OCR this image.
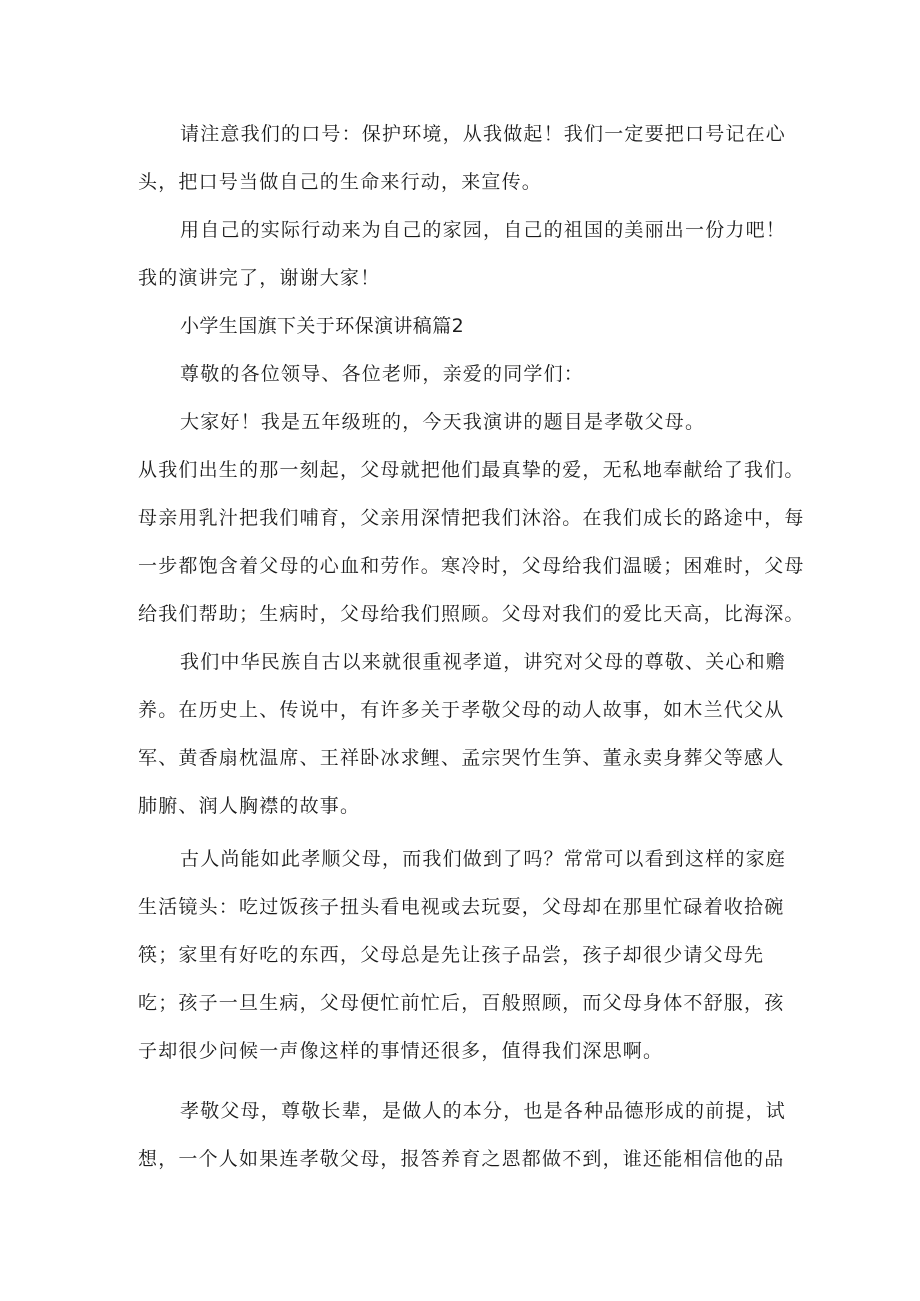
请注意我们的口号：保护环境，从我做起！我们一定要把口号记在心

头，把口号当做自己的生命来行动，来宣传。

用自己的实际行动来为自己的家园，自己的祖国的美丽出一份力吧！

我的演讲完了，谢谢大家！

小学生国旗下关于环保演讲稿篇2

尊敬的各位领导、各位老师，亲爱的同学们：

大家好！我是五年级班的，今天我演讲的题目是孝敬父母。

从我们出生的那一刻起，父母就把他们最真挚的爱，无私地奉献给了我们。

母亲用乳汁把我们哺育，父亲用深情把我们沐浴。在我们成长的路途中，每

一步都饱含着父母的心血和劳作。寒冷时，父母给我们温暖；困难时，父母

给我们帮助；生病时，父母给我们照顾。父母对我们的爱比天高，比海深。

我们中华民族自古以来就很重视孝道，讲究对父母的尊敬、关心和赡

养。在历史上、传说中，有许多关于孝敬父母的动人故事，如木兰代父从

军、黄香扇枕温席、王祥卧冰求鲤、孟宗哭竹生笋、董永卖身葬父等感人

肺腑、润人胸襟的故事。

古人尚能如此孝顺父母，而我们做到了吗？常常可以看到这样的家庭

生活镜头：吃过饭孩子扭头看电视或去玩耍，父母却在那里忙碌着收拾碗

筷；家里有好吃的东西，父母总是先让孩子品尝，孩子却很少请父母先

吃；孩子一旦生病，父母便忙前忙后，百般照顾，而父母身体不舒服，孩

子却很少问候一声像这样的事情还很多，值得我们深思啊。

孝敬父母，尊敬长辈，是做人的本分，也是各种品德形成的前提，试

想，一个人如果连孝敬父母，报答养育之恩都做不到，谁还能相信他的品
